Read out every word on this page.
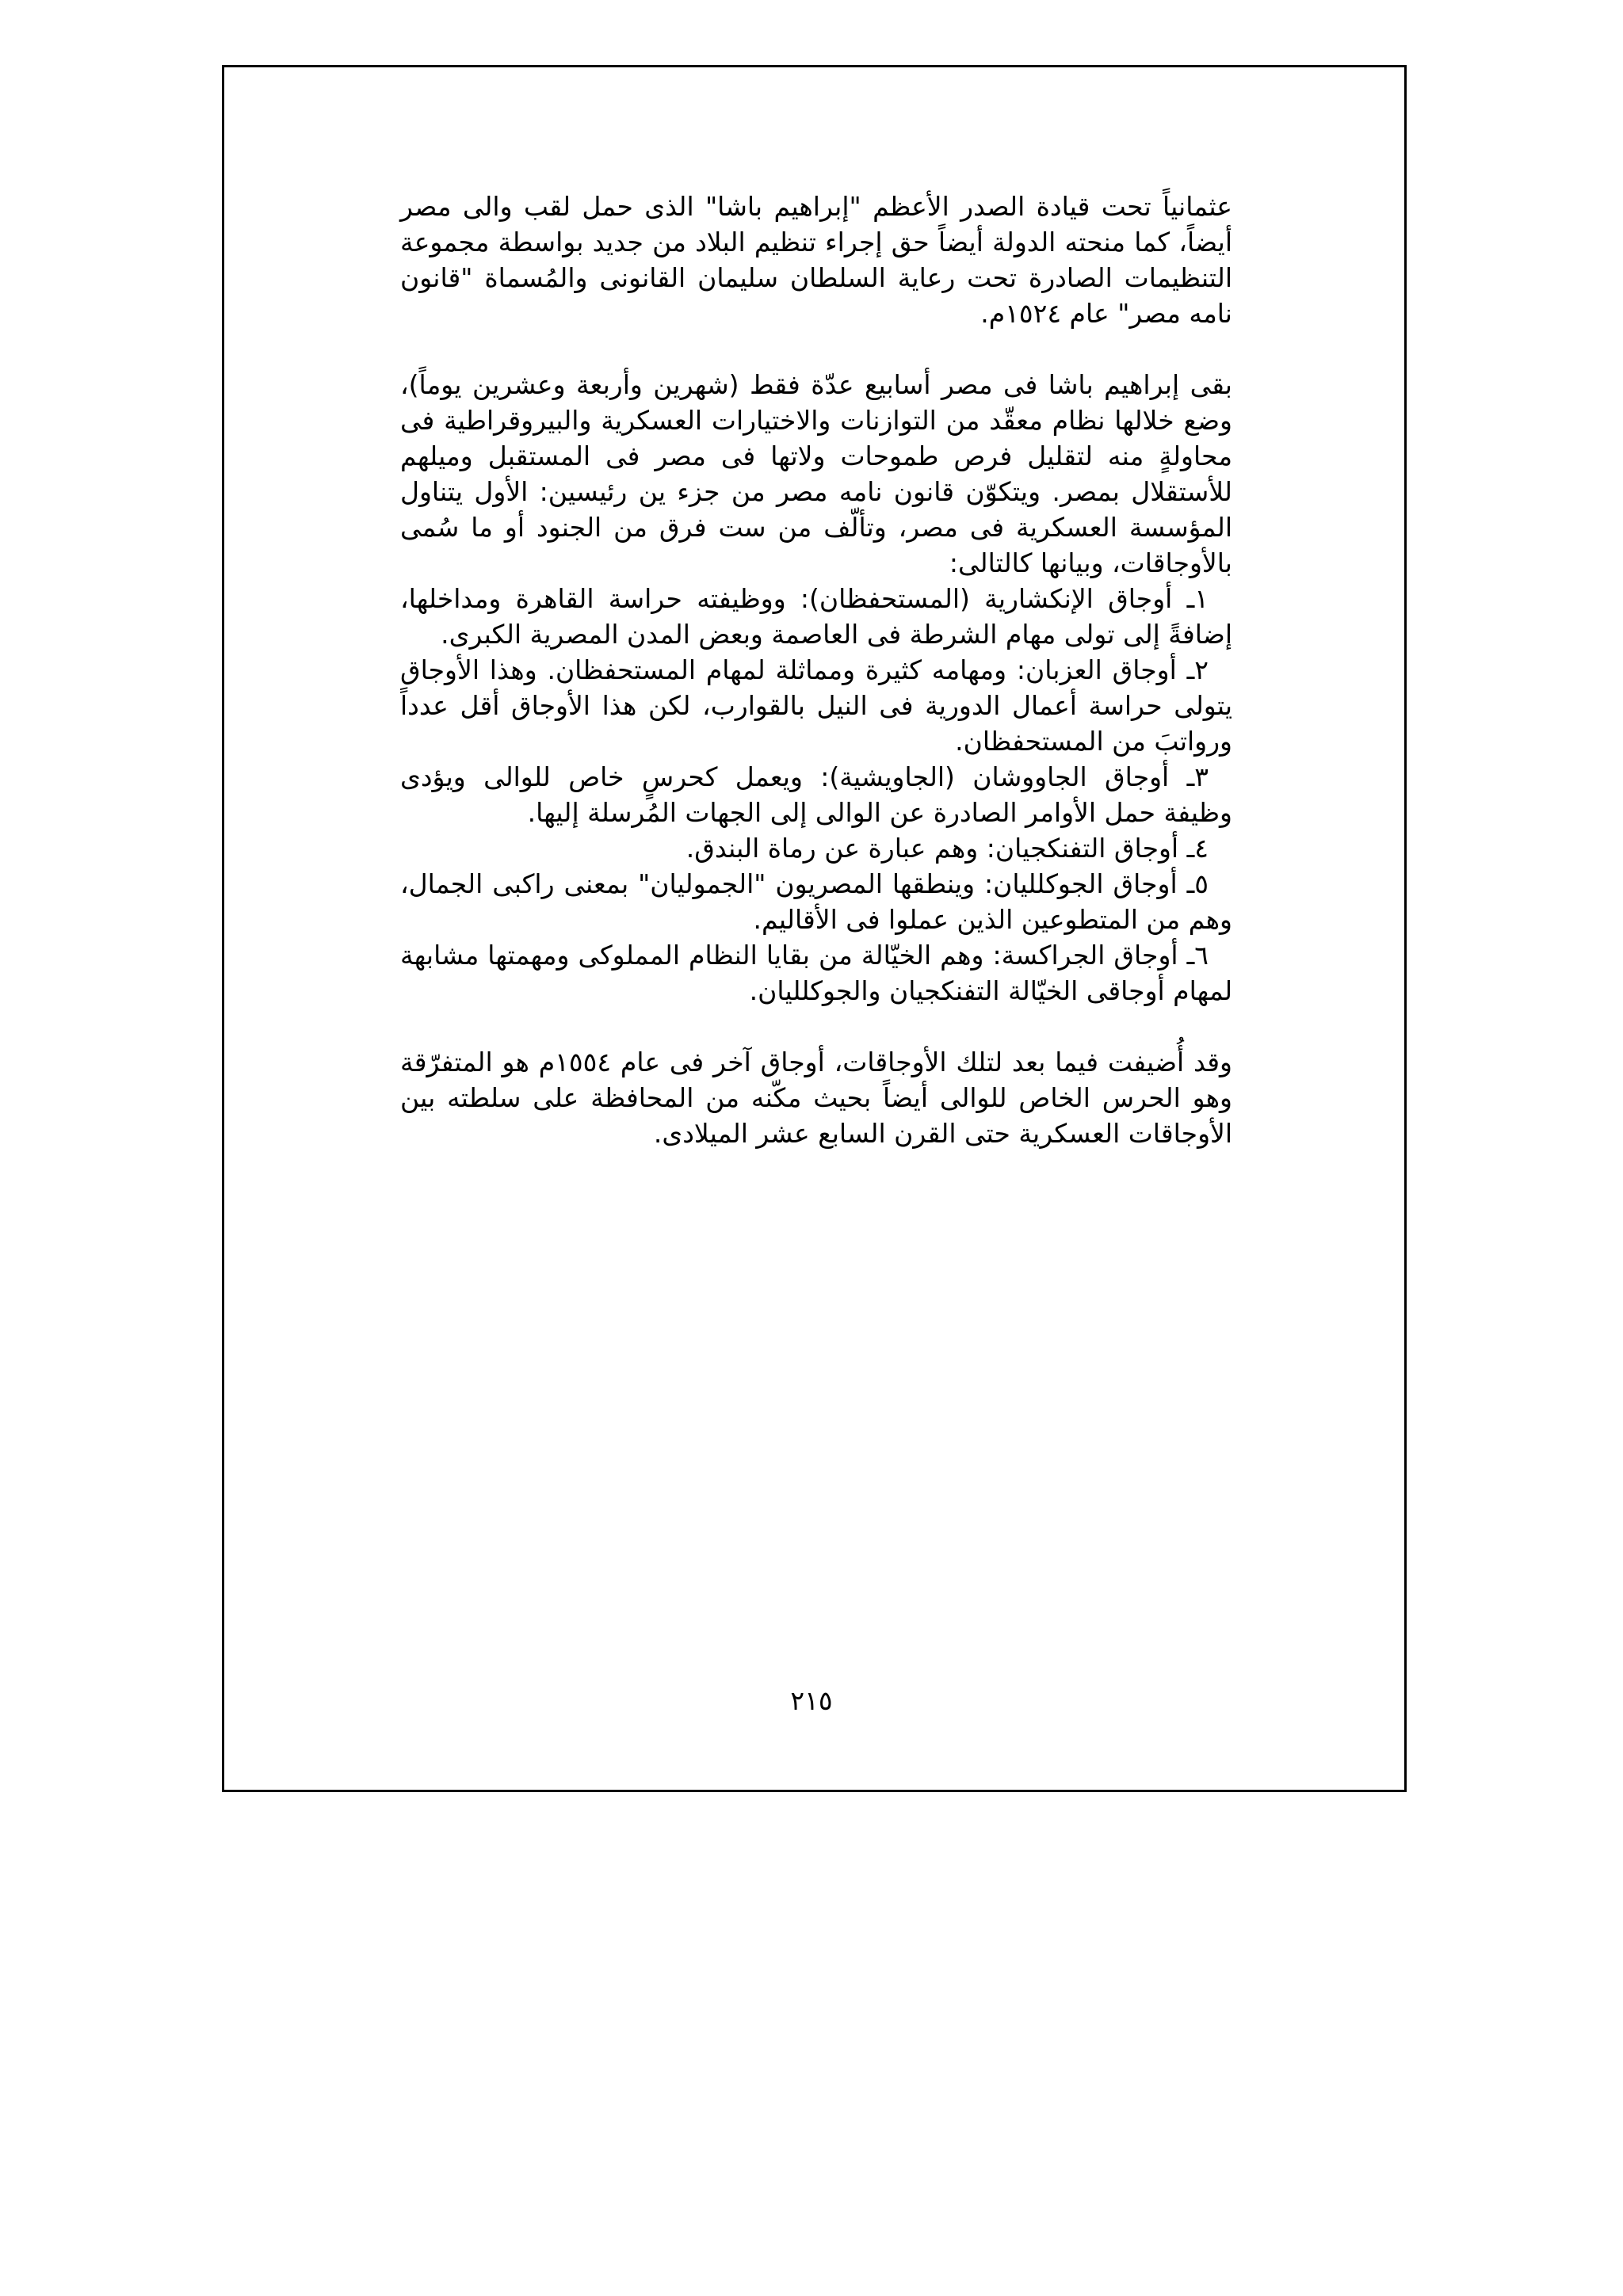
عثمانياً تحت قيادة الصدر الأعظم "إبراهيم باشا" الذى حمل لقب والى مصر أيضاً، كما منحته الدولة أيضاً حق إجراء تنظيم البلاد من جديد بواسطة مجموعة التنظيمات الصادرة تحت رعاية السلطان سليمان القانونى والمُسماة "قانون نامه مصر" عام ١٥٢٤م.

بقى إبراهيم باشا فى مصر أسابيع عدّة فقط (شهرين وأربعة وعشرين يوماً)، وضع خلالها نظام معقّد من التوازنات والاختيارات العسكرية والبيروقراطية فى محاولةٍ منه لتقليل فرص طموحات ولاتها فى مصر فى المستقبل وميلهم للأستقلال بمصر. ويتكوّن قانون نامه مصر من جزء ين رئيسين: الأول يتناول المؤسسة العسكرية فى مصر، وتألّف من ست فرق من الجنود أو ما سُمى بالأوجاقات، وبيانها كالتالى:

١ـ أوجاق الإنكشارية (المستحفظان): ووظيفته حراسة القاهرة ومداخلها، إضافةً إلى تولى مهام الشرطة فى العاصمة وبعض المدن المصرية الكبرى.

٢ـ أوجاق العزبان: ومهامه كثيرة ومماثلة لمهام المستحفظان. وهذا الأوجاق يتولى حراسة أعمال الدورية فى النيل بالقوارب، لكن هذا الأوجاق أقل عدداً ورواتبَ من المستحفظان.

٣ـ أوجاق الجاووشان (الجاويشية): ويعمل كحرسٍ خاص للوالى ويؤدى وظيفة حمل الأوامر الصادرة عن الوالى إلى الجهات المُرسلة إليها.

٤ـ أوجاق التفنكجيان: وهم عبارة عن رماة البندق.

٥ـ أوجاق الجوكلليان: وينطقها المصريون "الجموليان" بمعنى راكبى الجمال، وهم من المتطوعين الذين عملوا فى الأقاليم.

٦ـ أوجاق الجراكسة: وهم الخيّالة من بقايا النظام المملوكى ومهمتها مشابهة لمهام أوجاقى الخيّالة التفنكجيان والجوكلليان.

وقد أُضيفت فيما بعد لتلك الأوجاقات، أوجاق آخر فى عام ١٥٥٤م هو المتفرّقة وهو الحرس الخاص للوالى أيضاً بحيث مكّنه من المحافظة على سلطته بين الأوجاقات العسكرية حتى القرن السابع عشر الميلادى.

٢١٥
